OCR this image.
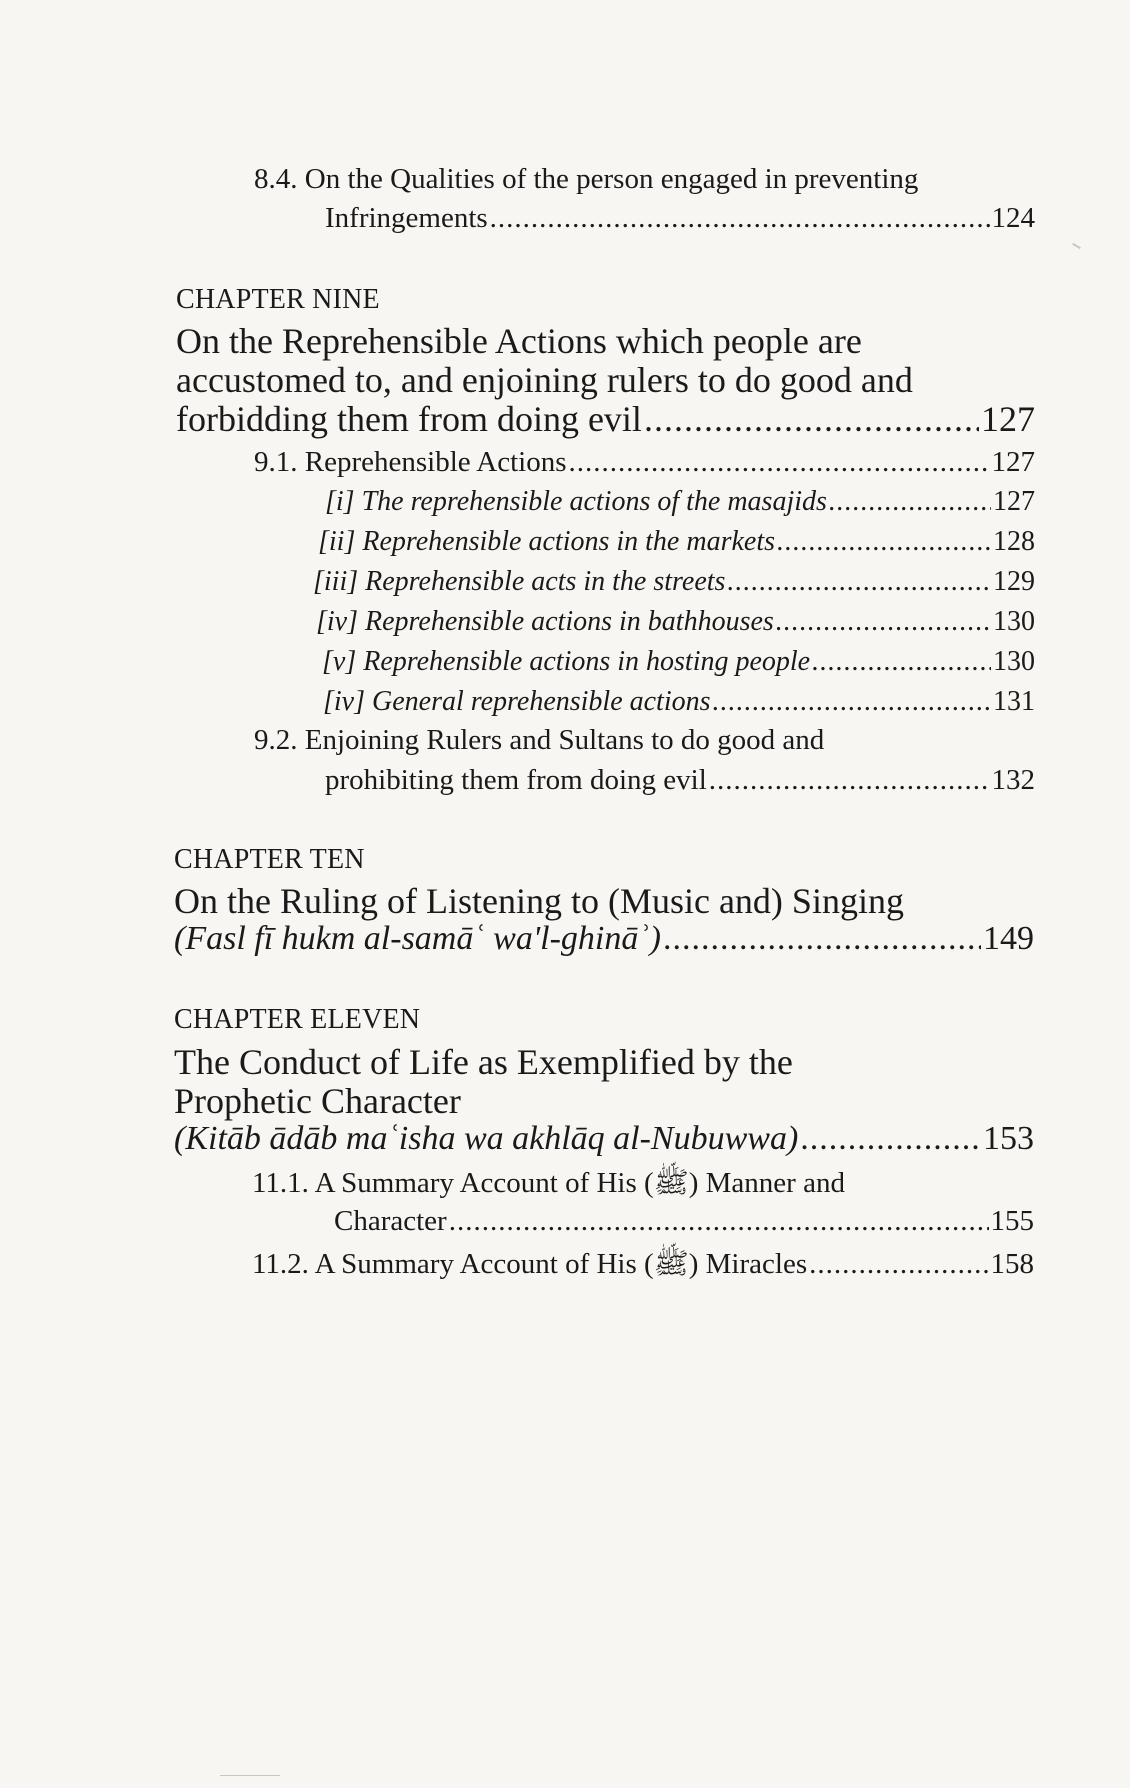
8.4. On the Qualities of the person engaged in preventing
Infringements .....	124
CHAPTER NINE
On the Reprehensible Actions which people are
accustomed to, and enjoining rulers to do good and
forbidding them from doing evil .....	127
9.1. Reprehensible Actions .....	127
[i] The reprehensible actions of the masajids .....	127
[ii] Reprehensible actions in the markets .....	128
[iii] Reprehensible acts in the streets .....	129
[iv] Reprehensible actions in bathhouses .....	130
[v] Reprehensible actions in hosting people .....	130
[iv] General reprehensible actions .....	131
9.2. Enjoining Rulers and Sultans to do good and
prohibiting them from doing evil .....	132
CHAPTER TEN
On the Ruling of Listening to (Music and) Singing
(Fasl fī hukm al-samāʿ wa'l-ghināʾ) .....	149
CHAPTER ELEVEN
The Conduct of Life as Exemplified by the
Prophetic Character
(Kitāb ādāb maʿisha wa akhlāq al-Nubuwwa) .....	153
11.1. A Summary Account of His (ﷺ) Manner and
Character .....	155
11.2. A Summary Account of His (ﷺ) Miracles .....	158
